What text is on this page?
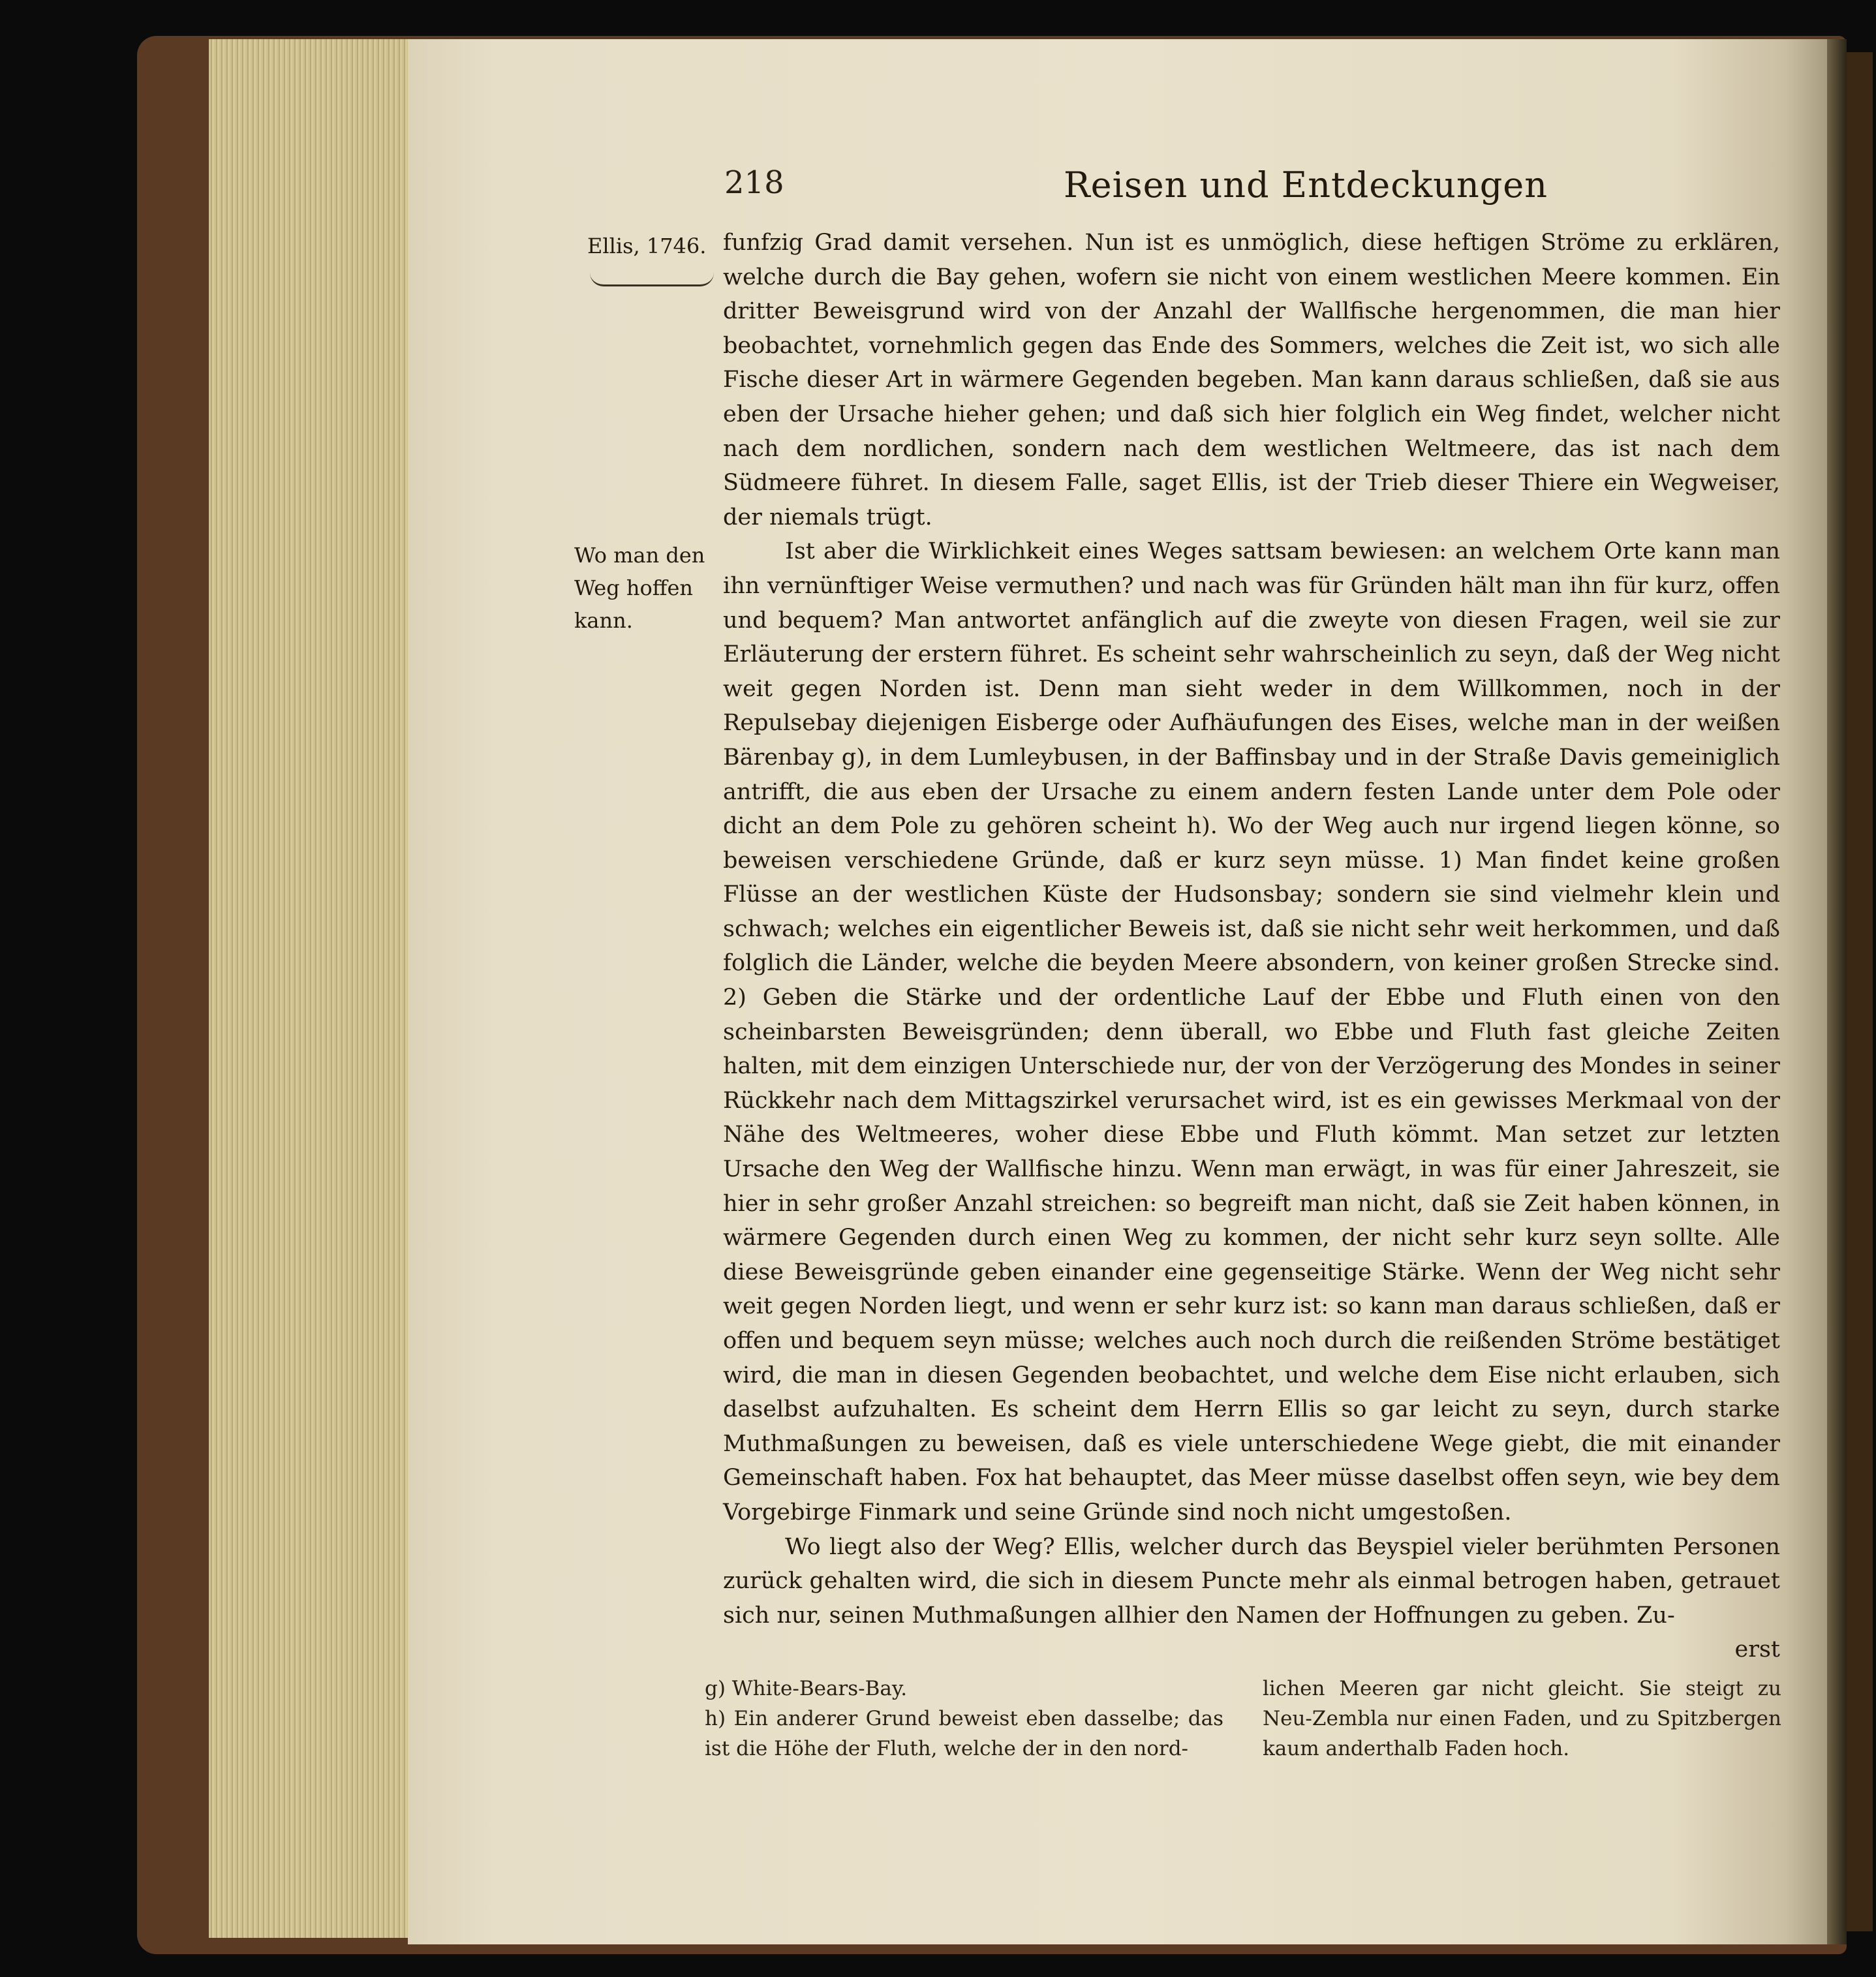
218	Reisen und Entdeckungen
Ellis, 1746.
Wo man den Weg hoffen kann.

funfzig Grad damit versehen. Nun ist es unmöglich, diese heftigen Ströme zu erklären, welche durch die Bay gehen, wofern sie nicht von einem westlichen Meere kommen. Ein dritter Beweisgrund wird von der Anzahl der Wallfische hergenommen, die man hier beobachtet, vornehmlich gegen das Ende des Sommers, welches die Zeit ist, wo sich alle Fische dieser Art in wärmere Gegenden begeben. Man kann daraus schließen, daß sie aus eben der Ursache hieher gehen; und daß sich hier folglich ein Weg findet, welcher nicht nach dem nordlichen, sondern nach dem westlichen Weltmeere, das ist nach dem Südmeere führet. In diesem Falle, saget Ellis, ist der Trieb dieser Thiere ein Wegweiser, der niemals trügt.

Ist aber die Wirklichkeit eines Weges sattsam bewiesen: an welchem Orte kann man ihn vernünftiger Weise vermuthen? und nach was für Gründen hält man ihn für kurz, offen und bequem? Man antwortet anfänglich auf die zweyte von diesen Fragen, weil sie zur Erläuterung der erstern führet. Es scheint sehr wahrscheinlich zu seyn, daß der Weg nicht weit gegen Norden ist. Denn man sieht weder in dem Willkommen, noch in der Repulsebay diejenigen Eisberge oder Aufhäufungen des Eises, welche man in der weißen Bärenbay g), in dem Lumleybusen, in der Baffinsbay und in der Straße Davis gemeiniglich antrifft, die aus eben der Ursache zu einem andern festen Lande unter dem Pole oder dicht an dem Pole zu gehören scheint h). Wo der Weg auch nur irgend liegen könne, so beweisen verschiedene Gründe, daß er kurz seyn müsse. 1) Man findet keine großen Flüsse an der westlichen Küste der Hudsonsbay; sondern sie sind vielmehr klein und schwach; welches ein eigentlicher Beweis ist, daß sie nicht sehr weit herkommen, und daß folglich die Länder, welche die beyden Meere absondern, von keiner großen Strecke sind. 2) Geben die Stärke und der ordentliche Lauf der Ebbe und Fluth einen von den scheinbarsten Beweisgründen; denn überall, wo Ebbe und Fluth fast gleiche Zeiten halten, mit dem einzigen Unterschiede nur, der von der Verzögerung des Mondes in seiner Rückkehr nach dem Mittagszirkel verursachet wird, ist es ein gewisses Merkmaal von der Nähe des Weltmeeres, woher diese Ebbe und Fluth kömmt. Man setzet zur letzten Ursache den Weg der Wallfische hinzu. Wenn man erwägt, in was für einer Jahreszeit, sie hier in sehr großer Anzahl streichen: so begreift man nicht, daß sie Zeit haben können, in wärmere Gegenden durch einen Weg zu kommen, der nicht sehr kurz seyn sollte. Alle diese Beweisgründe geben einander eine gegenseitige Stärke. Wenn der Weg nicht sehr weit gegen Norden liegt, und wenn er sehr kurz ist: so kann man daraus schließen, daß er offen und bequem seyn müsse; welches auch noch durch die reißenden Ströme bestätiget wird, die man in diesen Gegenden beobachtet, und welche dem Eise nicht erlauben, sich daselbst aufzuhalten. Es scheint dem Herrn Ellis so gar leicht zu seyn, durch starke Muthmaßungen zu beweisen, daß es viele unterschiedene Wege giebt, die mit einander Gemeinschaft haben. Fox hat behauptet, das Meer müsse daselbst offen seyn, wie bey dem Vorgebirge Finmark und seine Gründe sind noch nicht umgestoßen.

Wo liegt also der Weg? Ellis, welcher durch das Beyspiel vieler berühmten Personen zurück gehalten wird, die sich in diesem Puncte mehr als einmal betrogen haben, getrauet sich nur, seinen Muthmaßungen allhier den Namen der Hoffnungen zu geben. Zu-

erst

g) White-Bears-Bay.

h) Ein anderer Grund beweist eben dasselbe; das ist die Höhe der Fluth, welche der in den nord-

lichen Meeren gar nicht gleicht. Sie steigt zu Neu-Zembla nur einen Faden, und zu Spitzbergen kaum anderthalb Faden hoch.
